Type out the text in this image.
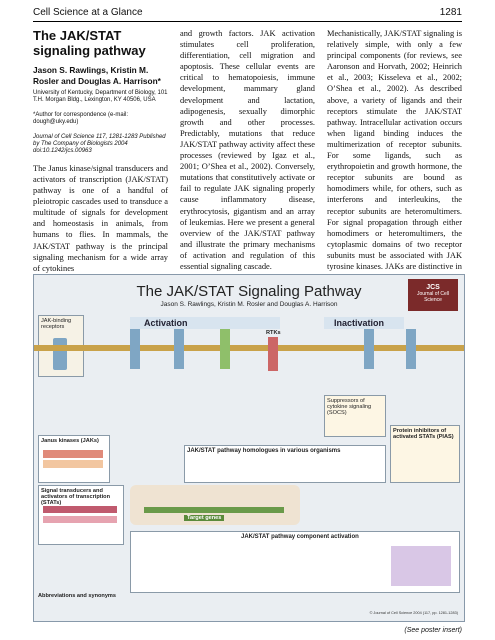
Cell Science at a Glance	1281
The JAK/STAT signaling pathway
Jason S. Rawlings, Kristin M. Rosler and Douglas A. Harrison*
University of Kentucky, Department of Biology, 101 T.H. Morgan Bldg., Lexington, KY 40506, USA
*Author for correspondence (e-mail: dough@uky.edu)
Journal of Cell Science 117, 1281-1283 Published by The Company of Biologists 2004
doi:10.1242/jcs.00963

The Janus kinase/signal transducers and activators of transcription (JAK/STAT) pathway is one of a handful of pleiotropic cascades used to transduce a multitude of signals for development and homeostasis in animals, from humans to flies. In mammals, the JAK/STAT pathway is the principal signaling mechanism for a wide array of cytokines

and growth factors. JAK activation stimulates cell proliferation, differentiation, cell migration and apoptosis. These cellular events are critical to hematopoiesis, immune development, mammary gland development and lactation, adipogenesis, sexually dimorphic growth and other processes. Predictably, mutations that reduce JAK/STAT pathway activity affect these processes (reviewed by Igaz et al., 2001; O’Shea et al., 2002). Conversely, mutations that constitutively activate or fail to regulate JAK signaling properly cause inflammatory disease, erythrocytosis, gigantism and an array of leukemias. Here we present a general overview of the JAK/STAT pathway and illustrate the primary mechanisms of activation and regulation of this essential signaling cascade.

Mechanistically, JAK/STAT signaling is relatively simple, with only a few principal components (for reviews, see Aaronson and Horvath, 2002; Heinrich et al., 2003; Kisseleva et al., 2002; O’Shea et al., 2002). As described above, a variety of ligands and their receptors stimulate the JAK/STAT pathway. Intracellular activation occurs when ligand binding induces the multimerization of receptor subunits. For some ligands, such as erythropoietin and growth hormone, the receptor subunits are bound as homodimers while, for others, such as interferons and interleukins, the receptor subunits are heteromultimers. For signal propagation through either homodimers or heteromultimers, the cytoplasmic domains of two receptor subunits must be associated with JAK tyrosine kinases. JAKs are distinctive in

The JAK/STAT Signaling Pathway
Jason S. Rawlings, Kristin M. Rosler and Douglas A. Harrison
JCS
Journal of Cell Science
JAK-binding receptors
Janus kinases (JAKs)
Signal transducers and activators of transcription (STATs)
Activation	Inactivation
RTKs
Suppressors of cytokine signaling (SOCS)
Protein inhibitors of activated STATs (PIAS)
Target genes
JAK/STAT pathway homologues in various organisms
JAK/STAT pathway component activation
Abbreviations and synonyms
© Journal of Cell Science 2004 (117, pp. 1281-1283)
(See poster insert)
